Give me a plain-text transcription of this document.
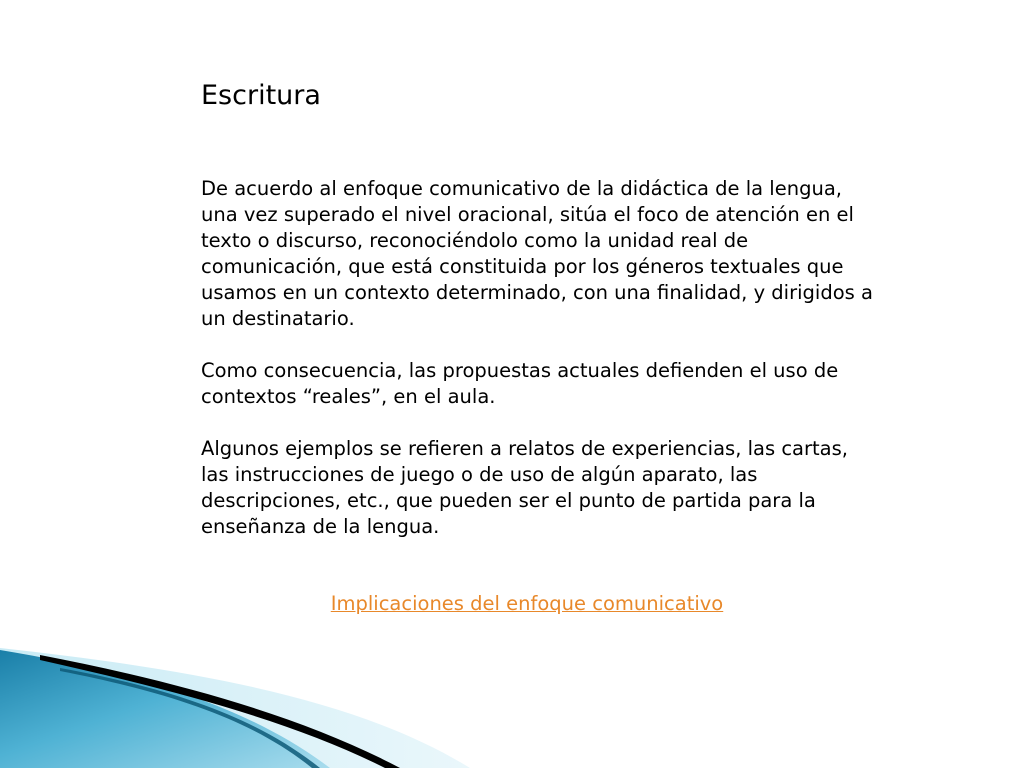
Escritura

De acuerdo al enfoque comunicativo de la didáctica de la lengua, una vez superado el nivel oracional, sitúa el foco de atención en el texto o discurso, reconociéndolo como la unidad real de comunicación, que está constituida por los géneros textuales que usamos en un contexto determinado, con una finalidad, y dirigidos a un destinatario.

Como consecuencia, las propuestas actuales defienden el uso de contextos “reales”, en el aula.

Algunos ejemplos se refieren a relatos de experiencias, las cartas, las instrucciones de juego o de uso de algún aparato, las descripciones, etc., que pueden ser el punto de partida para la enseñanza de la lengua.

Implicaciones del enfoque comunicativo
